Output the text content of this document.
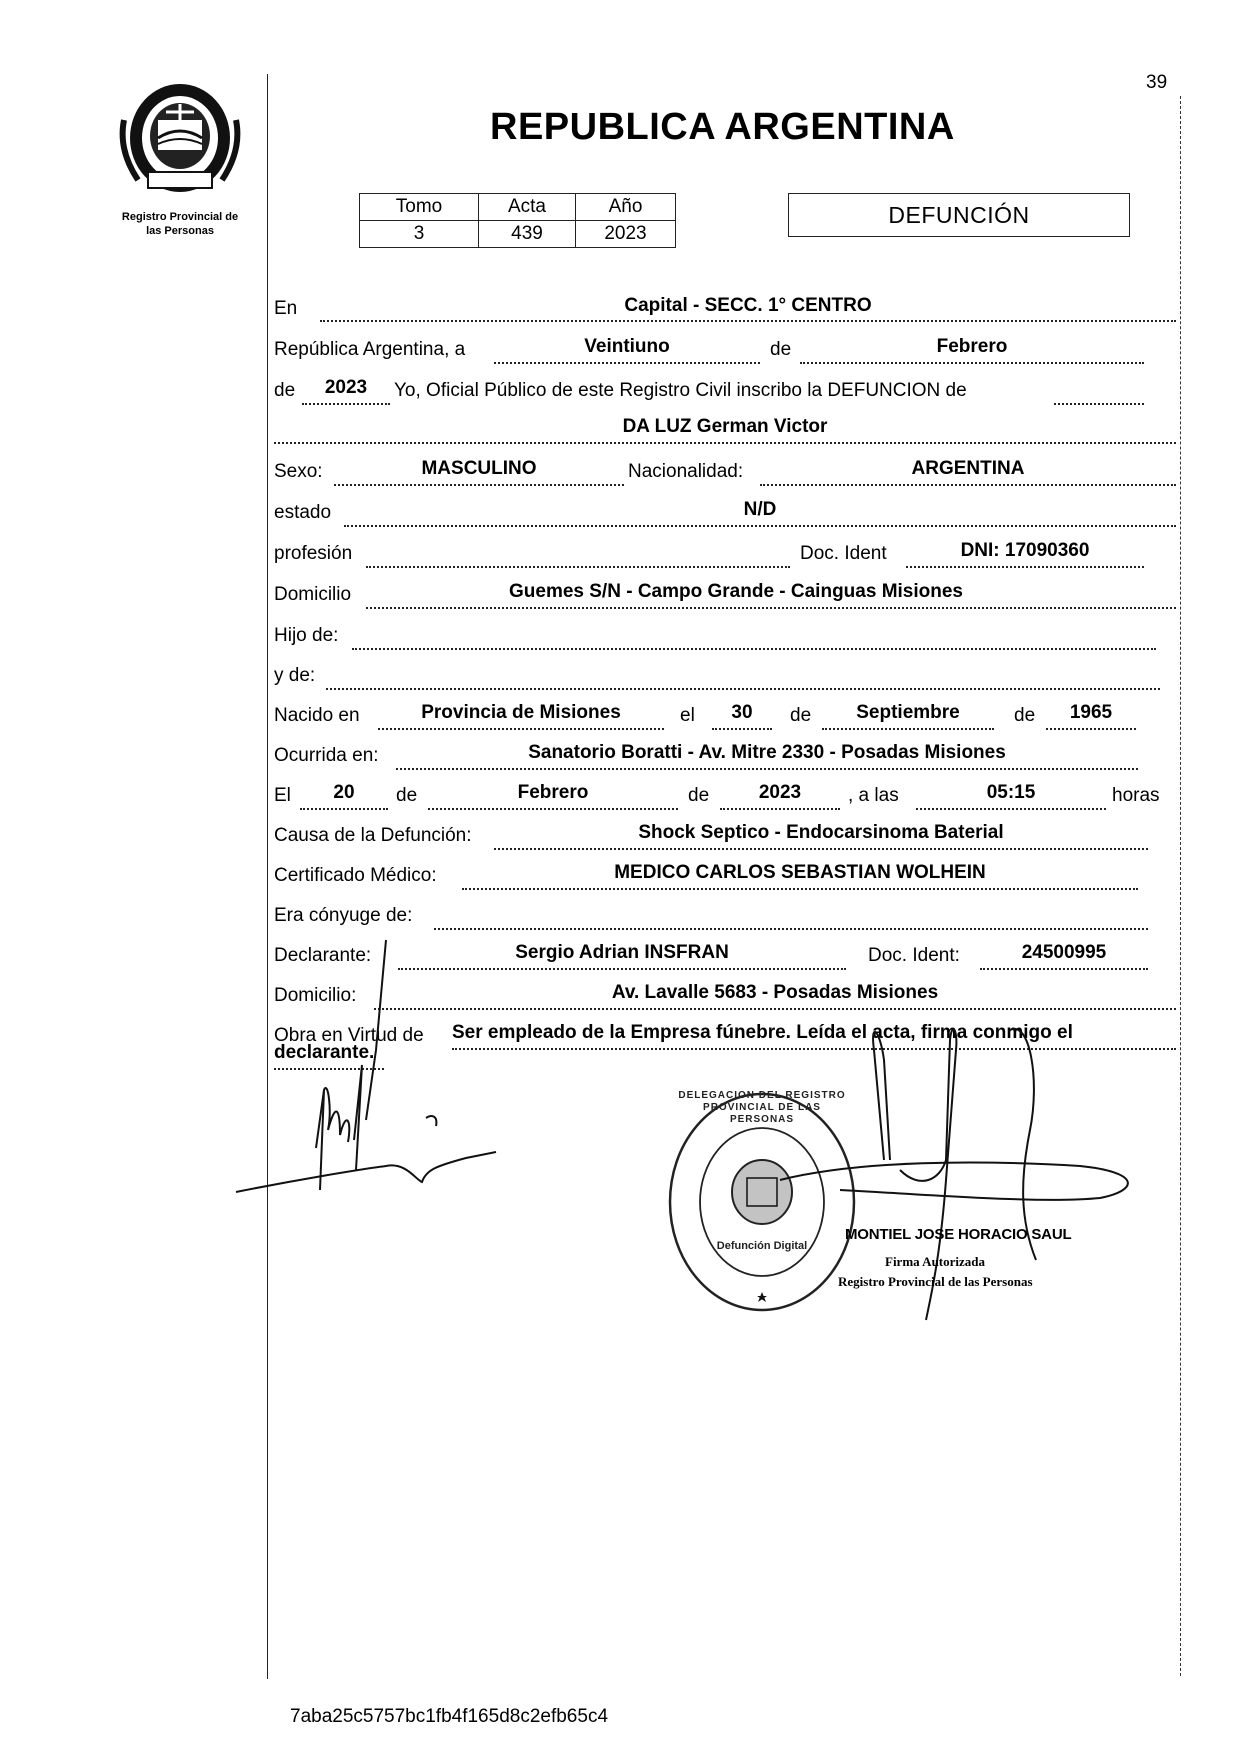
Registro Provincial de
las Personas
39
REPUBLICA ARGENTINA
Tomo	Acta	Año
3	439	2023
DEFUNCIÓN
En	Capital - SECC. 1° CENTRO
República Argentina, a	Veintiuno	de	Febrero
de	2023	Yo, Oficial Público de este Registro Civil inscribo la DEFUNCION de
DA LUZ German Victor
Sexo:	MASCULINO	Nacionalidad:	ARGENTINA
estado	N/D
profesión	Doc. Ident	DNI: 17090360
Domicilio	Guemes S/N - Campo Grande - Cainguas Misiones
Hijo de:
y de:
Nacido en	Provincia de Misiones	el	30	de	Septiembre	de	1965
Ocurrida en:	Sanatorio Boratti - Av. Mitre 2330 - Posadas Misiones
El	20	de	Febrero	de	2023	, a las	05:15	horas
Causa de la Defunción:	Shock Septico - Endocarsinoma Baterial
Certificado Médico:	MEDICO CARLOS SEBASTIAN WOLHEIN
Era cónyuge de:
Declarante:	Sergio Adrian INSFRAN	Doc. Ident:	24500995
Domicilio:	Av. Lavalle 5683 - Posadas Misiones
Obra en Virtud de Ser empleado de la Empresa fúnebre. Leída el acta, firma conmigo el
declarante.
DELEGACION DEL REGISTRO PROVINCIAL DE LAS PERSONAS
Defunción Digital
MONTIEL JOSE HORACIO SAUL
Firma Autorizada
Registro Provincial de las Personas
7aba25c5757bc1fb4f165d8c2efb65c4
